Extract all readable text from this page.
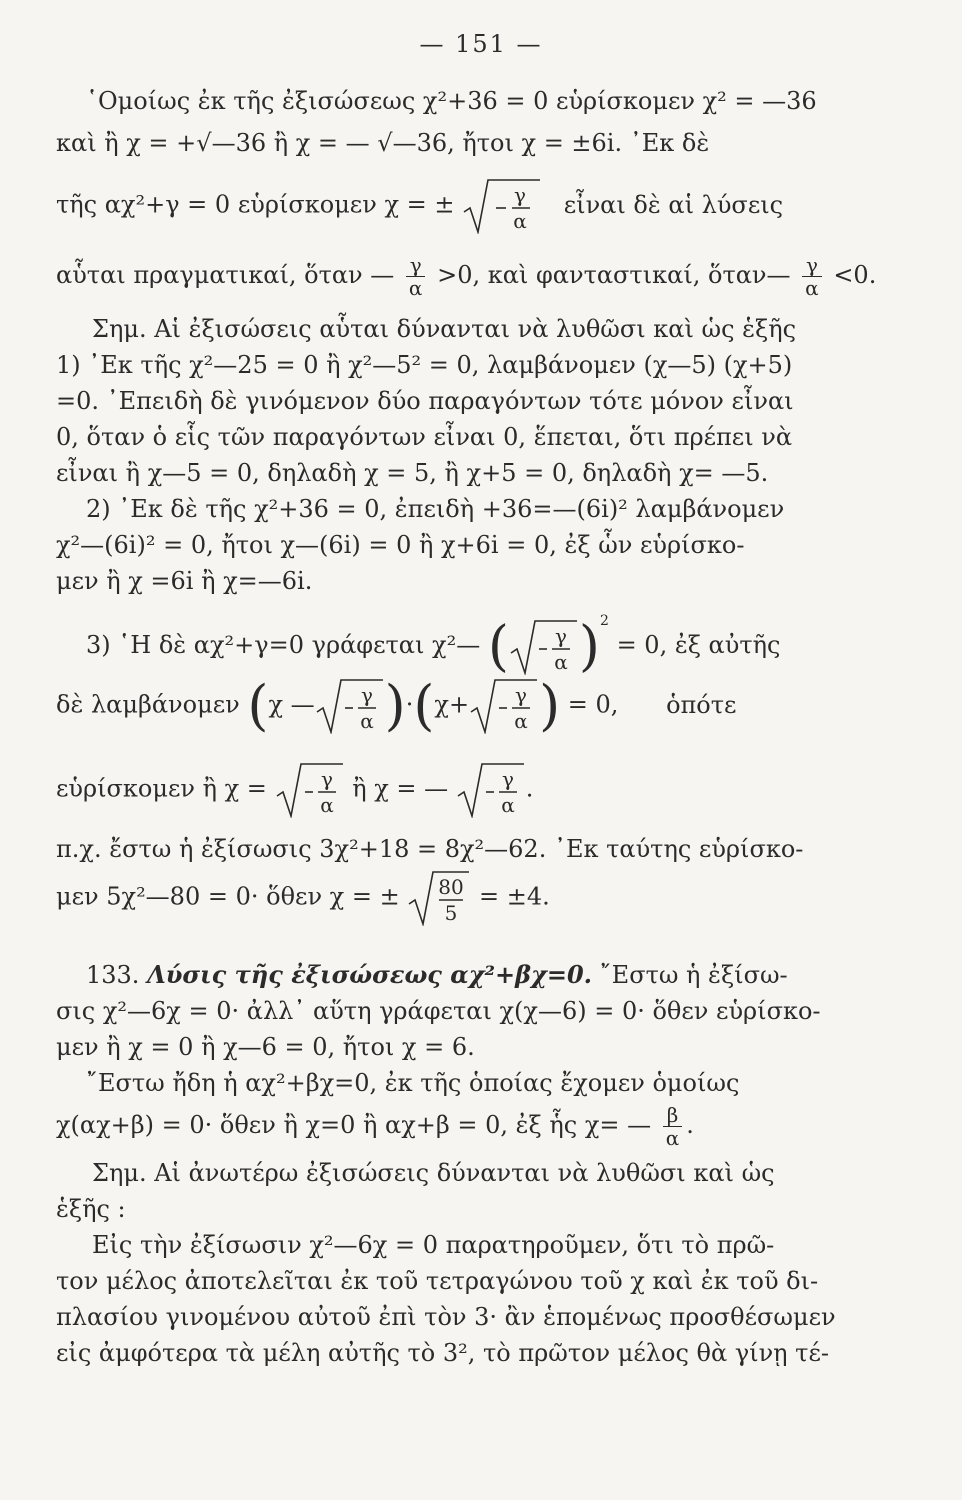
— 151 —
῾Ομοίως ἐκ τῆς ἐξισώσεως χ²+36 = 0 εὑρίσκομεν χ² = —36
καὶ ἢ χ = +√—36 ἢ χ = — √—36, ἤτοι χ = ±6i. ᾿Εκ δὲ
τῆς αχ²+γ = 0 εὑρίσκομεν χ = ±	γ
α
εἶναι δὲ αἱ λύσεις
αὗται πραγματικαί, ὅταν — $\frac{\gamma}{\alpha} >0$, καὶ φανταστικαί, ὅταν— $\frac{\gamma}{\alpha} <0$.
Σημ. Αἱ ἐξισώσεις αὗται δύνανται νὰ λυθῶσι καὶ ὡς ἑξῆς
1) ᾿Εκ τῆς χ²—25 = 0 ἢ χ²—5² = 0, λαμβάνομεν (χ—5) (χ+5)
=0. ᾿Επειδὴ δὲ γινόμενον δύο παραγόντων τότε μόνον εἶναι
0, ὅταν ὁ εἷς τῶν παραγόντων εἶναι 0, ἕπεται, ὅτι πρέπει νὰ
εἶναι ἢ χ—5 = 0, δηλαδὴ χ = 5, ἢ χ+5 = 0, δηλαδὴ χ= —5.
2) ᾿Εκ δὲ τῆς χ²+36 = 0, ἐπειδὴ +36=—(6i)² λαμβάνομεν
χ²—(6i)² = 0, ἤτοι χ—(6i) = 0 ἢ χ+6i = 0, ἐξ ὧν εὑρίσκο-
μεν ἢ χ =6i ἢ χ=—6i.
3) ῾Η δὲ αχ²+γ=0 γράφεται χ²— ( γ
α )$^2$ = 0, ἐξ αὐτῆς
δὲ λαμβάνομεν (χ — γ
α )·(χ+ γ
α ) = 0, ὁπότε
εὑρίσκομεν ἢ χ =	γ
α
ἢ χ = —	γ
α
.
π.χ. ἔστω ἡ ἐξίσωσις 3χ²+18 = 8χ²—62. ᾿Εκ ταύτης εὑρίσκο-
μεν 5χ²—80 = 0· ὅθεν χ = ± 80
5
= ±4.
133. Λύσις τῆς ἐξισώσεως αχ²+βχ=0. ῎Εστω ἡ ἐξίσω-
σις χ²—6χ = 0· ἀλλ᾿ αὕτη γράφεται χ(χ—6) = 0· ὅθεν εὑρίσκο-
μεν ἢ χ = 0 ἢ χ—6 = 0, ἤτοι χ = 6.
῎Εστω ἤδη ἡ αχ²+βχ=0, ἐκ τῆς ὁποίας ἔχομεν ὁμοίως
χ(αχ+β) = 0· ὅθεν ἢ χ=0 ἢ αχ+β = 0, ἐξ ἧς χ= — $\frac{\beta}{\alpha}$ .
Σημ. Αἱ ἀνωτέρω ἐξισώσεις δύνανται νὰ λυθῶσι καὶ ὡς
ἑξῆς :
Εἰς τὴν ἐξίσωσιν χ²—6χ = 0 παρατηροῦμεν, ὅτι τὸ πρῶ-
τον μέλος ἀποτελεῖται ἐκ τοῦ τετραγώνου τοῦ χ καὶ ἐκ τοῦ δι-
πλασίου γινομένου αὐτοῦ ἐπὶ τὸν 3· ἂν ἑπομένως προσθέσωμεν
εἰς ἀμφότερα τὰ μέλη αὐτῆς τὸ 3², τὸ πρῶτον μέλος θὰ γίνῃ τέ-
